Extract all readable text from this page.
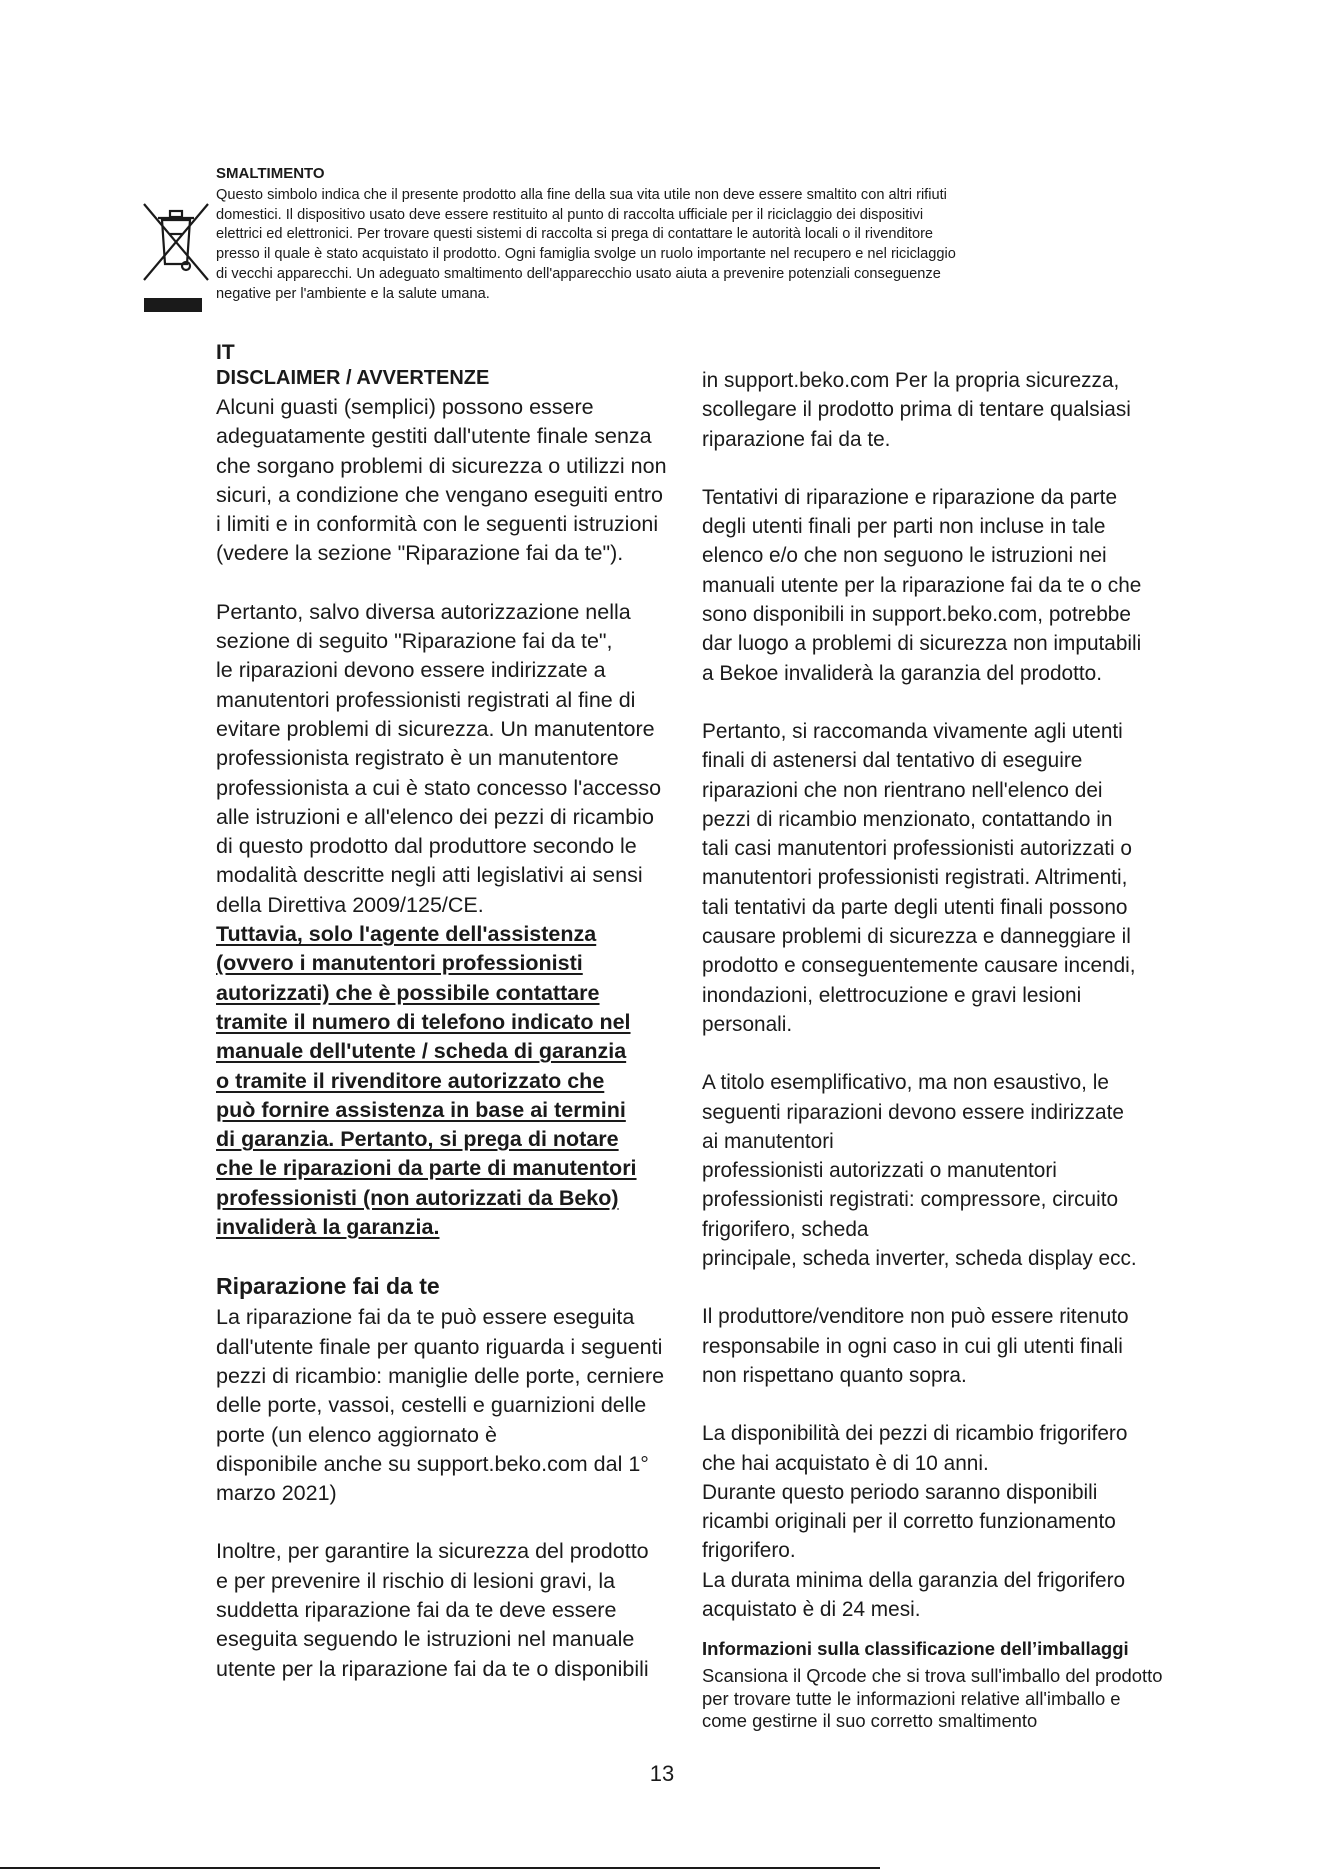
SMALTIMENTO

Questo simbolo indica che il presente prodotto alla fine della sua vita utile non deve essere smaltito con altri rifiuti

domestici. Il dispositivo usato deve essere restituito al punto di raccolta ufficiale per il riciclaggio dei dispositivi

elettrici ed elettronici. Per trovare questi sistemi di raccolta si prega di contattare le autorità locali o il rivenditore

presso il quale è stato acquistato il prodotto. Ogni famiglia svolge un ruolo importante nel recupero e nel riciclaggio

di vecchi apparecchi. Un adeguato smaltimento dell'apparecchio usato aiuta a prevenire potenziali conseguenze

negative per l'ambiente e la salute umana.

IT

DISCLAIMER / AVVERTENZE

Alcuni guasti (semplici) possono essere

adeguatamente gestiti dall'utente finale senza

che sorgano problemi di sicurezza o utilizzi non

sicuri, a condizione che vengano eseguiti entro

i limiti e in conformità con le seguenti istruzioni

(vedere la sezione "Riparazione fai da te").

Pertanto, salvo diversa autorizzazione nella

sezione di seguito "Riparazione fai da te",

le riparazioni devono essere indirizzate a

manutentori professionisti registrati al fine di

evitare problemi di sicurezza. Un manutentore

professionista registrato è un manutentore

professionista a cui è stato concesso l'accesso

alle istruzioni e all'elenco dei pezzi di ricambio

di questo prodotto dal produttore secondo le

modalità descritte negli atti legislativi ai sensi

della Direttiva 2009/125/CE.

Tuttavia, solo l'agente dell'assistenza

(ovvero i manutentori professionisti

autorizzati) che è possibile contattare

tramite il numero di telefono indicato nel

manuale dell'utente / scheda di garanzia

o tramite il rivenditore autorizzato che

può fornire assistenza in base ai termini

di garanzia. Pertanto, si prega di notare

che le riparazioni da parte di manutentori

professionisti (non autorizzati da Beko)

invaliderà la garanzia.

Riparazione fai da te

La riparazione fai da te può essere eseguita

dall'utente finale per quanto riguarda i seguenti

pezzi di ricambio: maniglie delle porte, cerniere

delle porte, vassoi, cestelli e guarnizioni delle

porte (un elenco aggiornato è

disponibile anche su support.beko.com dal 1°

marzo 2021)

Inoltre, per garantire la sicurezza del prodotto

e per prevenire il rischio di lesioni gravi, la

suddetta riparazione fai da te deve essere

eseguita seguendo le istruzioni nel manuale

utente per la riparazione fai da te o disponibili

in support.beko.com Per la propria sicurezza,

scollegare il prodotto prima di tentare qualsiasi

riparazione fai da te.

Tentativi di riparazione e riparazione da parte

degli utenti finali per parti non incluse in tale

elenco e/o che non seguono le istruzioni nei

manuali utente per la riparazione fai da te o che

sono disponibili in support.beko.com, potrebbe

dar luogo a problemi di sicurezza non imputabili

a Bekoe invaliderà la garanzia del prodotto.

Pertanto, si raccomanda vivamente agli utenti

finali di astenersi dal tentativo di eseguire

riparazioni che non rientrano nell'elenco dei

pezzi di ricambio menzionato, contattando in

tali casi manutentori professionisti autorizzati o

manutentori professionisti registrati. Altrimenti,

tali tentativi da parte degli utenti finali possono

causare problemi di sicurezza e danneggiare il

prodotto e conseguentemente causare incendi,

inondazioni, elettrocuzione e gravi lesioni

personali.

A titolo esemplificativo, ma non esaustivo, le

seguenti riparazioni devono essere indirizzate

ai manutentori

professionisti autorizzati o manutentori

professionisti registrati: compressore, circuito

frigorifero, scheda

principale, scheda inverter, scheda display ecc.

Il produttore/venditore non può essere ritenuto

responsabile in ogni caso in cui gli utenti finali

non rispettano quanto sopra.

La disponibilità dei pezzi di ricambio frigorifero

che hai acquistato è di 10 anni.

Durante questo periodo saranno disponibili

ricambi originali per il corretto funzionamento

frigorifero.

La durata minima della garanzia del frigorifero

acquistato è di 24 mesi.

Informazioni sulla classificazione dell’imballaggi

Scansiona il Qrcode che si trova sull'imballo del prodotto

per trovare tutte le informazioni relative all'imballo e

come gestirne il suo corretto smaltimento

13
